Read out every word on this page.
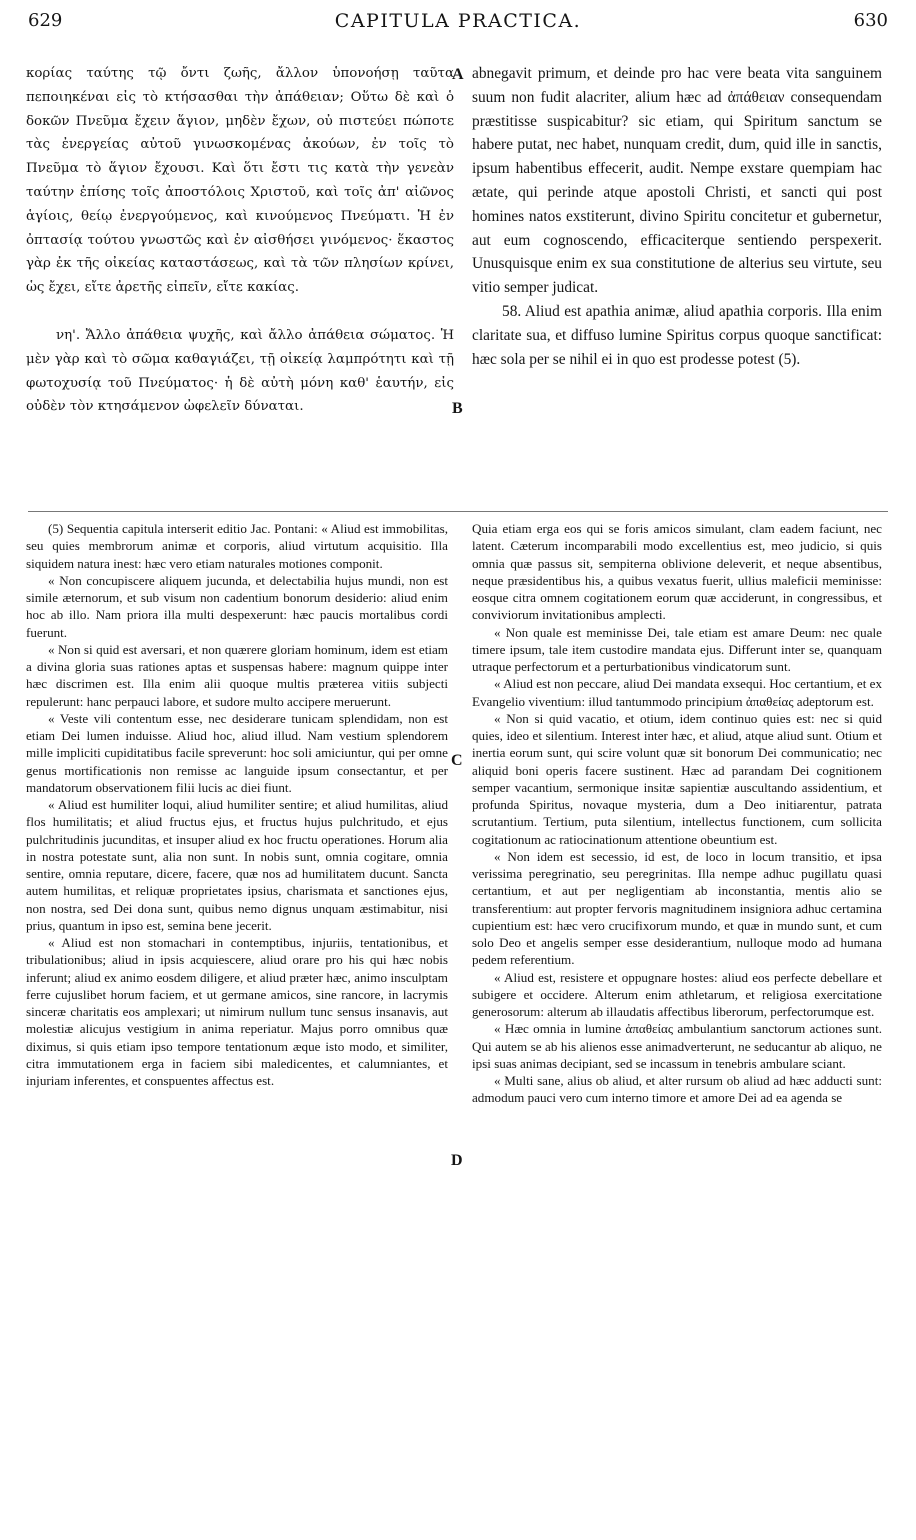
629	CAPITULA PRACTICA.	630

κορίας ταύτης τῷ ὄντι ζωῆς, ἄλλον ὑπονοήσῃ ταῦτα πεποιηκέναι εἰς τὸ κτήσασθαι τὴν ἀπάθειαν; Οὕτω δὲ καὶ ὁ δοκῶν Πνεῦμα ἔχειν ἅγιον, μηδὲν ἔχων, οὐ πιστεύει πώποτε τὰς ἐνεργείας αὐτοῦ γινωσκομένας ἀκούων, ἐν τοῖς τὸ Πνεῦμα τὸ ἅγιον ἔχουσι. Καὶ ὅτι ἔστι τις κατὰ τὴν γενεὰν ταύτην ἐπίσης τοῖς ἀποστόλοις Χριστοῦ, καὶ τοῖς ἀπ' αἰῶνος ἁγίοις, θείῳ ἐνεργούμενος, καὶ κινούμενος Πνεύματι. Ἡ ἐν ὀπτασίᾳ τούτου γνωστῶς καὶ ἐν αἰσθήσει γινόμενος· ἕκαστος γὰρ ἐκ τῆς οἰκείας καταστάσεως, καὶ τὰ τῶν πλησίων κρίνει, ὡς ἔχει, εἴτε ἀρετῆς εἰπεῖν, εἴτε κακίας.

νη'. Ἄλλο ἀπάθεια ψυχῆς, καὶ ἄλλο ἀπάθεια σώματος. Ἡ μὲν γὰρ καὶ τὸ σῶμα καθαγιάζει, τῇ οἰκείᾳ λαμπρότητι καὶ τῇ φωτοχυσίᾳ τοῦ Πνεύματος· ἡ δὲ αὐτὴ μόνη καθ' ἑαυτήν, εἰς οὐδὲν τὸν κτησάμενον ὠφελεῖν δύναται.

abnegavit primum, et deinde pro hac vere beata vita sanguinem suum non fudit alacriter, alium hæc ad ἀπάθειαν consequendam præstitisse suspicabitur? sic etiam, qui Spiritum sanctum se habere putat, nec habet, nunquam credit, dum, quid ille in sanctis, ipsum habentibus effecerit, audit. Nempe exstare quempiam hac ætate, qui perinde atque apostoli Christi, et sancti qui post homines natos exstiterunt, divino Spiritu concitetur et gubernetur, aut eum cognoscendo, efficaciterque sentiendo perspexerit. Unusquisque enim ex sua constitutione de alterius seu virtute, seu vitio semper judicat.

58. Aliud est apathia animæ, aliud apathia corporis. Illa enim claritate sua, et diffuso lumine Spiritus corpus quoque sanctificat: hæc sola per se nihil ei in quo est prodesse potest (5).

A
B

(5) Sequentia capitula interserit editio Jac. Pontani: « Aliud est immobilitas, seu quies membrorum animæ et corporis, aliud virtutum acquisitio. Illa siquidem natura inest: hæc vero etiam naturales motiones componit.

« Non concupiscere aliquem jucunda, et delectabilia hujus mundi, non est simile æternorum, et sub visum non cadentium bonorum desiderio: aliud enim hoc ab illo. Nam priora illa multi despexerunt: hæc paucis mortalibus cordi fuerunt.

« Non si quid est aversari, et non quærere gloriam hominum, idem est etiam a divina gloria suas rationes aptas et suspensas habere: magnum quippe inter hæc discrimen est. Illa enim alii quoque multis præterea vitiis subjecti repulerunt: hanc perpauci labore, et sudore multo accipere meruerunt.

« Veste vili contentum esse, nec desiderare tunicam splendidam, non est etiam Dei lumen induisse. Aliud hoc, aliud illud. Nam vestium splendorem mille impliciti cupiditatibus facile spreverunt: hoc soli amiciuntur, qui per omne genus mortificationis non remisse ac languide ipsum consectantur, et per mandatorum observationem filii lucis ac diei fiunt.

« Aliud est humiliter loqui, aliud humiliter sentire; et aliud humilitas, aliud flos humilitatis; et aliud fructus ejus, et fructus hujus pulchritudo, et ejus pulchritudinis jucunditas, et insuper aliud ex hoc fructu operationes. Horum alia in nostra potestate sunt, alia non sunt. In nobis sunt, omnia cogitare, omnia sentire, omnia reputare, dicere, facere, quæ nos ad humilitatem ducunt. Sancta autem humilitas, et reliquæ proprietates ipsius, charismata et sanctiones ejus, non nostra, sed Dei dona sunt, quibus nemo dignus unquam æstimabitur, nisi prius, quantum in ipso est, semina bene jecerit.

« Aliud est non stomachari in contemptibus, injuriis, tentationibus, et tribulationibus; aliud in ipsis acquiescere, aliud orare pro his qui hæc nobis inferunt; aliud ex animo eosdem diligere, et aliud præter hæc, animo insculptam ferre cujuslibet horum faciem, et ut germane amicos, sine rancore, in lacrymis sinceræ charitatis eos amplexari; ut nimirum nullum tunc sensus insanavis, aut molestiæ alicujus vestigium in anima reperiatur. Majus porro omnibus quæ diximus, si quis etiam ipso tempore tentationum æque isto modo, et similiter, citra immutationem erga in faciem sibi maledicentes, et calumniantes, et injuriam inferentes, et conspuentes affectus est.

C
D

Quia etiam erga eos qui se foris amicos simulant, clam eadem faciunt, nec latent. Cæterum incomparabili modo excellentius est, meo judicio, si quis omnia quæ passus sit, sempiterna oblivione deleverit, et neque absentibus, neque præsidentibus his, a quibus vexatus fuerit, ullius maleficii meminisse: eosque citra omnem cogitationem eorum quæ acciderunt, in congressibus, et conviviorum invitationibus amplecti.

« Non quale est meminisse Dei, tale etiam est amare Deum: nec quale timere ipsum, tale item custodire mandata ejus. Differunt inter se, quanquam utraque perfectorum et a perturbationibus vindicatorum sunt.

« Aliud est non peccare, aliud Dei mandata exsequi. Hoc certantium, et ex Evangelio viventium: illud tantummodo principium ἀπαθείας adeptorum est.

« Non si quid vacatio, et otium, idem continuo quies est: nec si quid quies, ideo et silentium. Interest inter hæc, et aliud, atque aliud sunt. Otium et inertia eorum sunt, qui scire volunt quæ sit bonorum Dei communicatio; nec aliquid boni operis facere sustinent. Hæc ad parandam Dei cognitionem semper vacantium, sermonique insitæ sapientiæ auscultando assidentium, et profunda Spiritus, novaque mysteria, dum a Deo initiarentur, patrata scrutantium. Tertium, puta silentium, intellectus functionem, cum sollicita cogitationum ac ratiocinationum attentione obeuntium est.

« Non idem est secessio, id est, de loco in locum transitio, et ipsa verissima peregrinatio, seu peregrinitas. Illa nempe adhuc pugillatu quasi certantium, et aut per negligentiam ab inconstantia, mentis alio se transferentium: aut propter fervoris magnitudinem insigniora adhuc certamina cupientium est: hæc vero crucifixorum mundo, et quæ in mundo sunt, et cum solo Deo et angelis semper esse desiderantium, nulloque modo ad humana pedem referentium.

« Aliud est, resistere et oppugnare hostes: aliud eos perfecte debellare et subigere et occidere. Alterum enim athletarum, et religiosa exercitatione generosorum: alterum ab illaudatis affectibus liberorum, perfectorumque est.

« Hæc omnia in lumine ἀπαθείας ambulantium sanctorum actiones sunt. Qui autem se ab his alienos esse animadverterunt, ne seducantur ab aliquo, ne ipsi suas animas decipiant, sed se incassum in tenebris ambulare sciant.

« Multi sane, alius ob aliud, et alter rursum ob aliud ad hæc adducti sunt: admodum pauci vero cum interno timore et amore Dei ad ea agenda se
